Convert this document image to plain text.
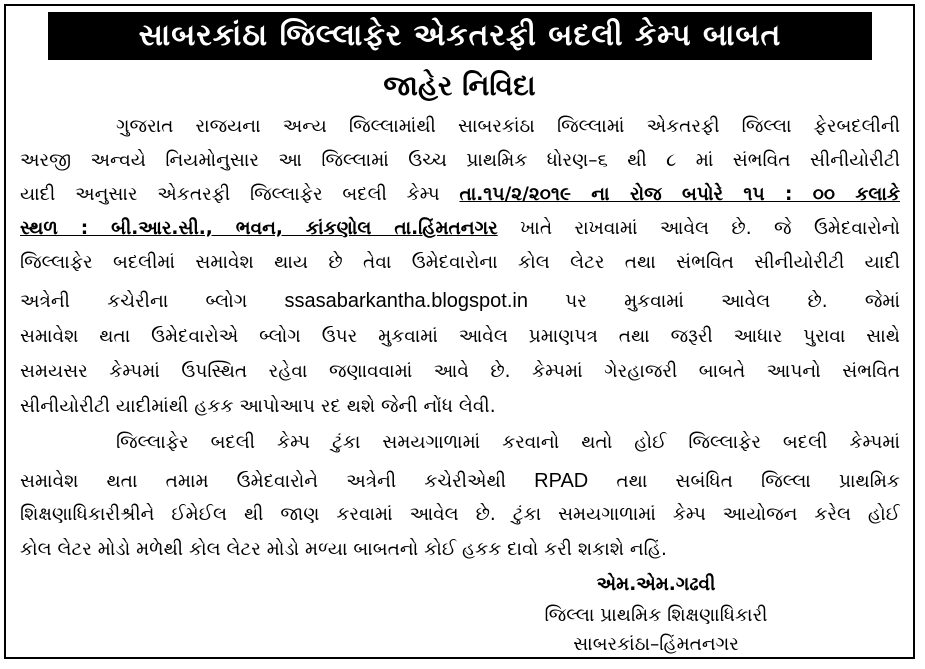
સાબરકાંઠા જિલ્લાફેર એકતરફી બદલી કેમ્પ બાબત
જાહેર નિવિદા
ગુજરાત રાજયના અન્ય જિલ્લામાંથી સાબરકાંઠા જિલ્લામાં એકતરફી જિલ્લા ફેરબદલીની
અરજી અન્વયે નિયમોનુસાર આ જિલ્લામાં ઉચ્ચ પ્રાથમિક ધોરણ–૬ થી ૮ માં સંભવિત સીનીયોરીટી
યાદી અનુસાર એકતરફી જિલ્લાફેર બદલી કેમ્પ તા.૧૫/૨/૨૦૧૯ ના રોજ બપોરે ૧૫ : ૦૦ કલાકે
સ્થળ : બી.આર.સી., ભવન, કાંકણોલ તા.હિંમતનગર ખાતે રાખવામાં આવેલ છે. જે ઉમેદવારોનો
જિલ્લાફેર બદલીમાં સમાવેશ થાય છે તેવા ઉમેદવારોના કોલ લેટર તથા સંભવિત સીનીયોરીટી યાદી
અત્રેની કચેરીના બ્લોગ ssasabarkantha.blogspot.in પર મુકવામાં આવેલ છે. જેમાં
સમાવેશ થતા ઉમેદવારોએ બ્લોગ ઉપર મુકવામાં આવેલ પ્રમાણપત્ર તથા જરૂરી આધાર પુરાવા સાથે
સમયસર કેમ્પમાં ઉપસ્થિત રહેવા જણાવવામાં આવે છે. કેમ્પમાં ગેરહાજરી બાબતે આપનો સંભવિત
સીનીયોરીટી યાદીમાંથી હકક આપોઆપ રદ થશે જેની નોંધ લેવી.
જિલ્લાફેર બદલી કેમ્પ ટુંકા સમયગાળામાં કરવાનો થતો હોઈ જિલ્લાફેર બદલી કેમ્પમાં
સમાવેશ થતા તમામ ઉમેદવારોને અત્રેની કચેરીએથી RPAD તથા સબંધિત જિલ્લા પ્રાથમિક
શિક્ષણાધિકારીશ્રીને ઈમેઈલ થી જાણ કરવામાં આવેલ છે. ટુંકા સમયગાળામાં કેમ્પ આયોજન કરેલ હોઈ
કોલ લેટર મોડો મળેથી કોલ લેટર મોડો મળ્યા બાબતનો કોઈ હકક દાવો કરી શકાશે નહિં.
એમ.એમ.ગઢવી
જિલ્લા પ્રાથમિક શિક્ષણાધિકારી
સાબરકાંઠા–હિંમતનગર
